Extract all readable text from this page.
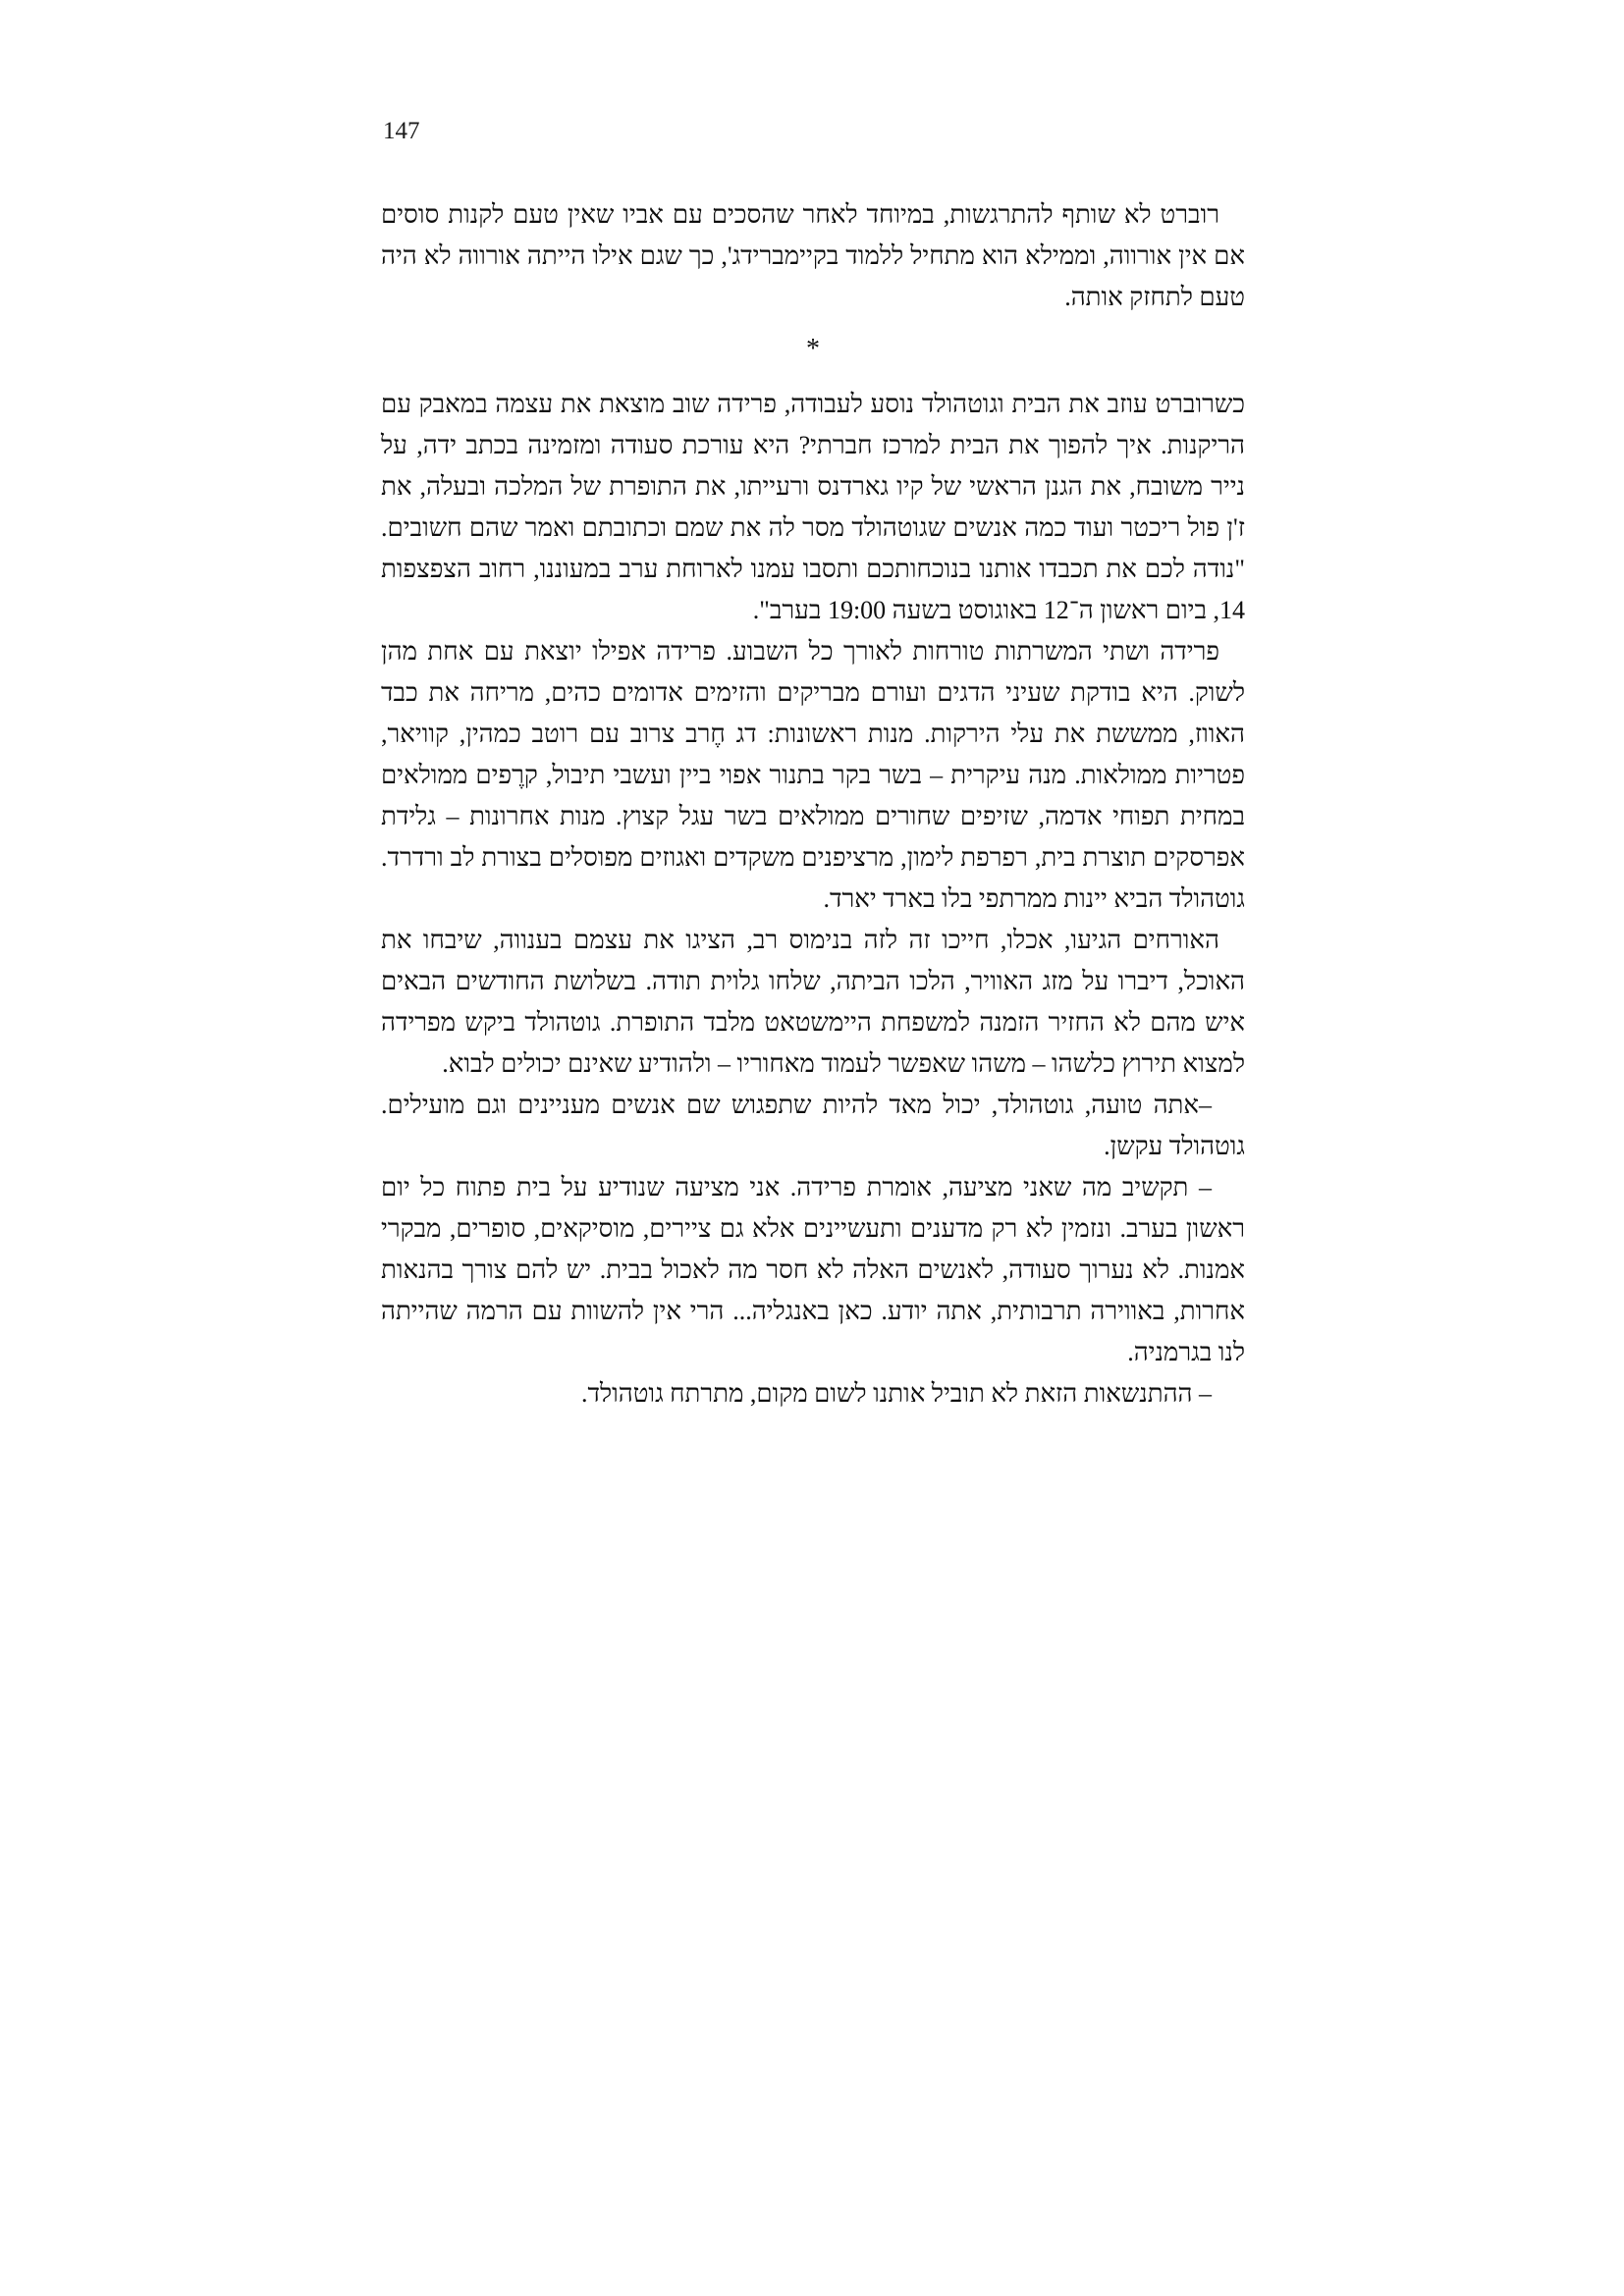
147

רוברט לא שותף להתרגשות, במיוחד לאחר שהסכים עם אביו שאין טעם לקנות סוסים אם אין אורווה, וממילא הוא מתחיל ללמוד בקיימברידג', כך שגם אילו הייתה אורווה לא היה טעם לתחזק אותה.

*

כשרוברט עוזב את הבית וגוטהולד נוסע לעבודה, פרידה שוב מוצאת את עצמה במאבק עם הריקנות. איך להפוך את הבית למרכז חברתי? היא עורכת סעודה ומזמינה בכתב ידה, על נייר משובח, את הגנן הראשי של קיו גארדנס ורעייתו, את התופרת של המלכה ובעלה, את ז'ן פול ריכטר ועוד כמה אנשים שגוטהולד מסר לה את שמם וכתובתם ואמר שהם חשובים. "נודה לכם את תכבדו אותנו בנוכחותכם ותסבו עמנו לארוחת ערב במעוננו, רחוב הצפצפות 14, ביום ראשון ה־12 באוגוסט בשעה 19:00 בערב".

פרידה ושתי המשרתות טורחות לאורך כל השבוע. פרידה אפילו יוצאת עם אחת מהן לשוק. היא בודקת שעיני הדגים ועורם מבריקים והזימים אדומים כהים, מריחה את כבד האווז, ממששת את עלי הירקות. מנות ראשונות: דג חֶרב צרוב עם רוטב כמהין, קוויאר, פטריות ממולאות. מנה עיקרית – בשר בקר בתנור אפוי ביין ועשבי תיבול, קרֶפים ממולאים במחית תפוחי אדמה, שזיפים שחורים ממולאים בשר עגל קצוץ. מנות אחרונות – גלידת אפרסקים תוצרת בית, רפרפת לימון, מרציפנים משקדים ואגוזים מפוסלים בצורת לב ורדרד. גוטהולד הביא יינות ממרתפי בלו בארד יארד.

האורחים הגיעו, אכלו, חייכו זה לזה בנימוס רב, הציגו את עצמם בענווה, שיבחו את האוכל, דיברו על מזג האוויר, הלכו הביתה, שלחו גלוית תודה. בשלושת החודשים הבאים איש מהם לא החזיר הזמנה למשפחת היימשטאט מלבד התופרת. גוטהולד ביקש מפרידה למצוא תירוץ כלשהו – משהו שאפשר לעמוד מאחוריו – ולהודיע שאינם יכולים לבוא.

–אתה טועה, גוטהולד, יכול מאד להיות שתפגוש שם אנשים מעניינים וגם מועילים. גוטהולד עקשן.

– תקשיב מה שאני מציעה, אומרת פרידה. אני מציעה שנודיע על בית פתוח כל יום ראשון בערב. ונזמין לא רק מדענים ותעשיינים אלא גם ציירים, מוסיקאים, סופרים, מבקרי אמנות. לא נערוך סעודה, לאנשים האלה לא חסר מה לאכול בבית. יש להם צורך בהנאות אחרות, באווירה תרבותית, אתה יודע. כאן באנגליה... הרי אין להשוות עם הרמה שהייתה לנו בגרמניה.

– ההתנשאות הזאת לא תוביל אותנו לשום מקום, מתרתח גוטהולד.
